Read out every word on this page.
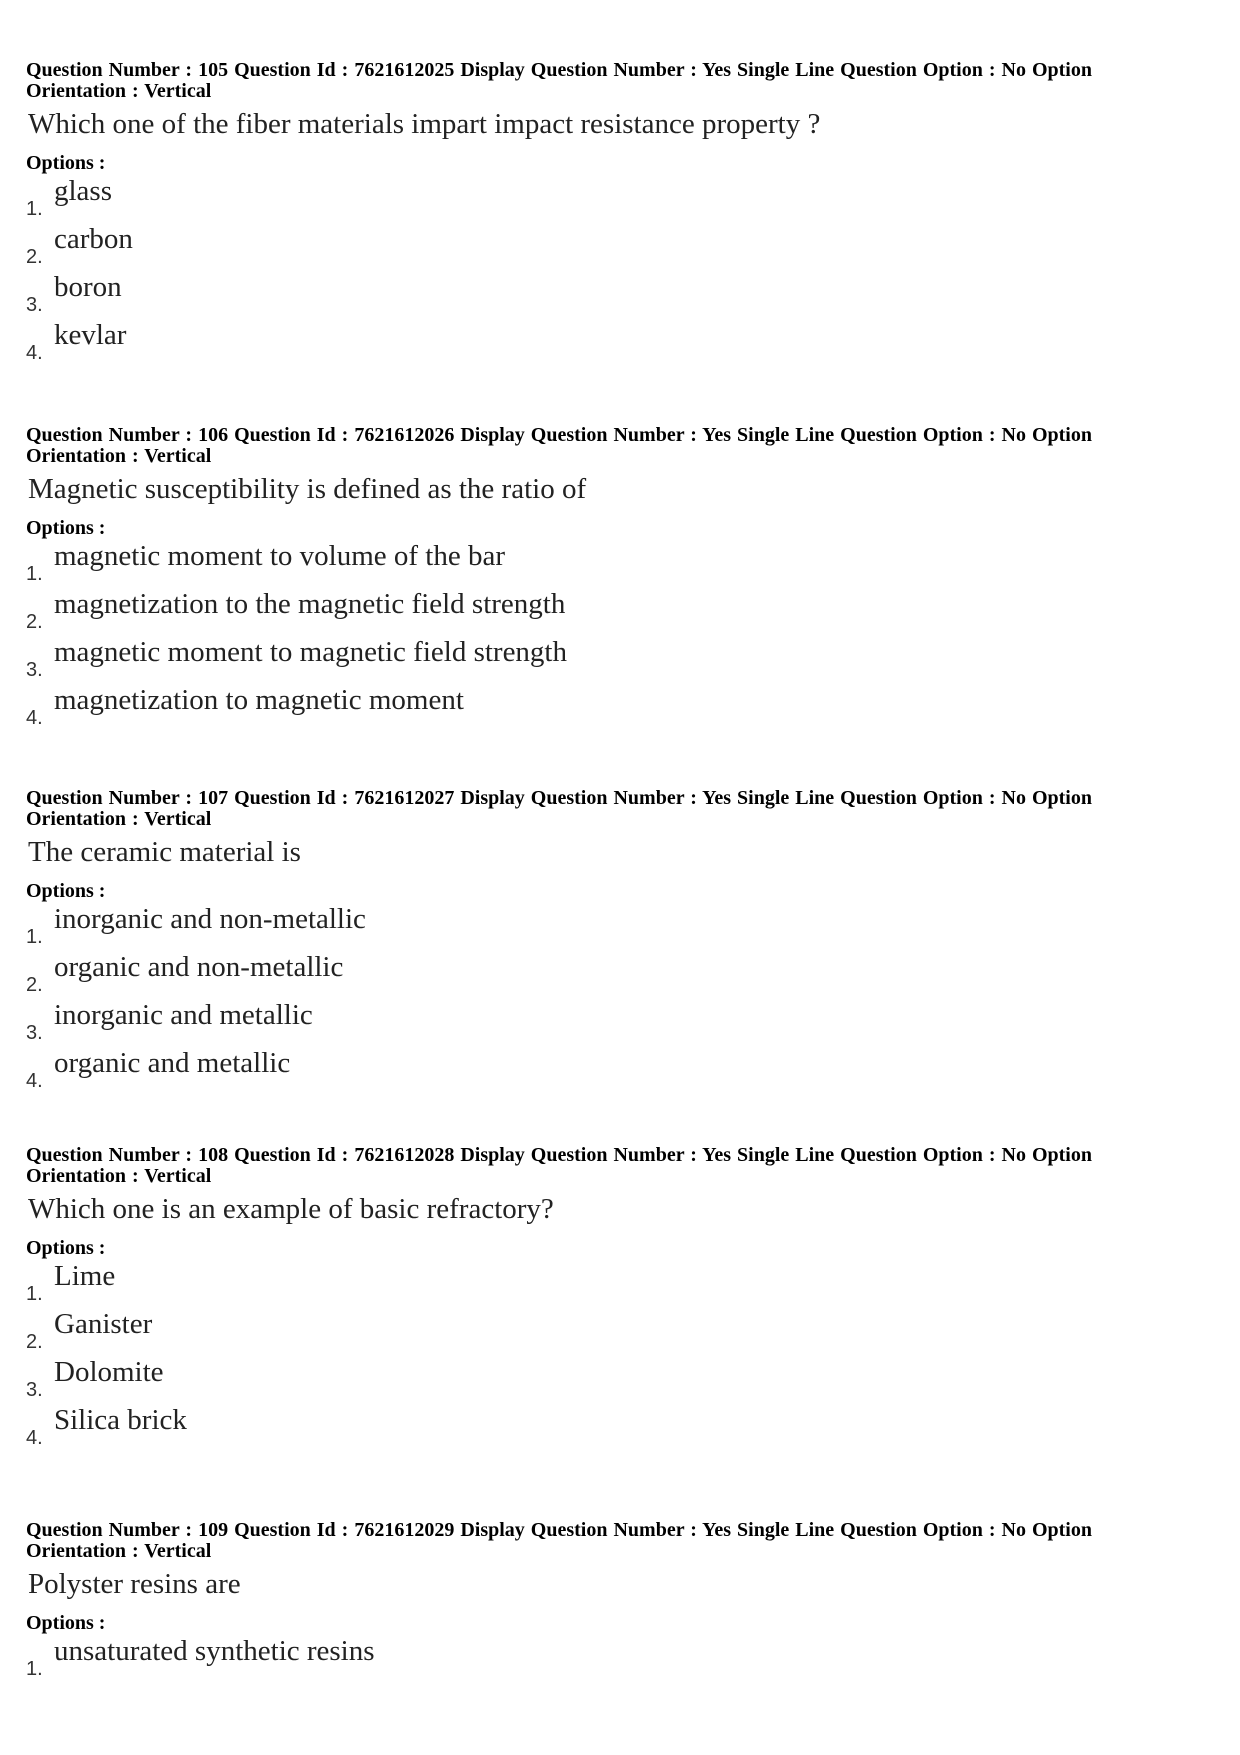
Question Number : 105 Question Id : 7621612025 Display Question Number : Yes Single Line Question Option : No Option
Orientation : Vertical
Which one of the fiber materials impart impact resistance property ?
Options :
1.
glass
2.
carbon
3.
boron
4.
kevlar
Question Number : 106 Question Id : 7621612026 Display Question Number : Yes Single Line Question Option : No Option
Orientation : Vertical
Magnetic susceptibility is defined as the ratio of
Options :
1.
magnetic moment to volume of the bar
2.
magnetization to the magnetic field strength
3.
magnetic moment to magnetic field strength
4.
magnetization to magnetic moment
Question Number : 107 Question Id : 7621612027 Display Question Number : Yes Single Line Question Option : No Option
Orientation : Vertical
The ceramic material is
Options :
1.
inorganic and non-metallic
2.
organic and non-metallic
3.
inorganic and metallic
4.
organic and metallic
Question Number : 108 Question Id : 7621612028 Display Question Number : Yes Single Line Question Option : No Option
Orientation : Vertical
Which one is an example of basic refractory?
Options :
1.
Lime
2.
Ganister
3.
Dolomite
4.
Silica brick
Question Number : 109 Question Id : 7621612029 Display Question Number : Yes Single Line Question Option : No Option
Orientation : Vertical
Polyster resins are
Options :
1.
unsaturated synthetic resins
